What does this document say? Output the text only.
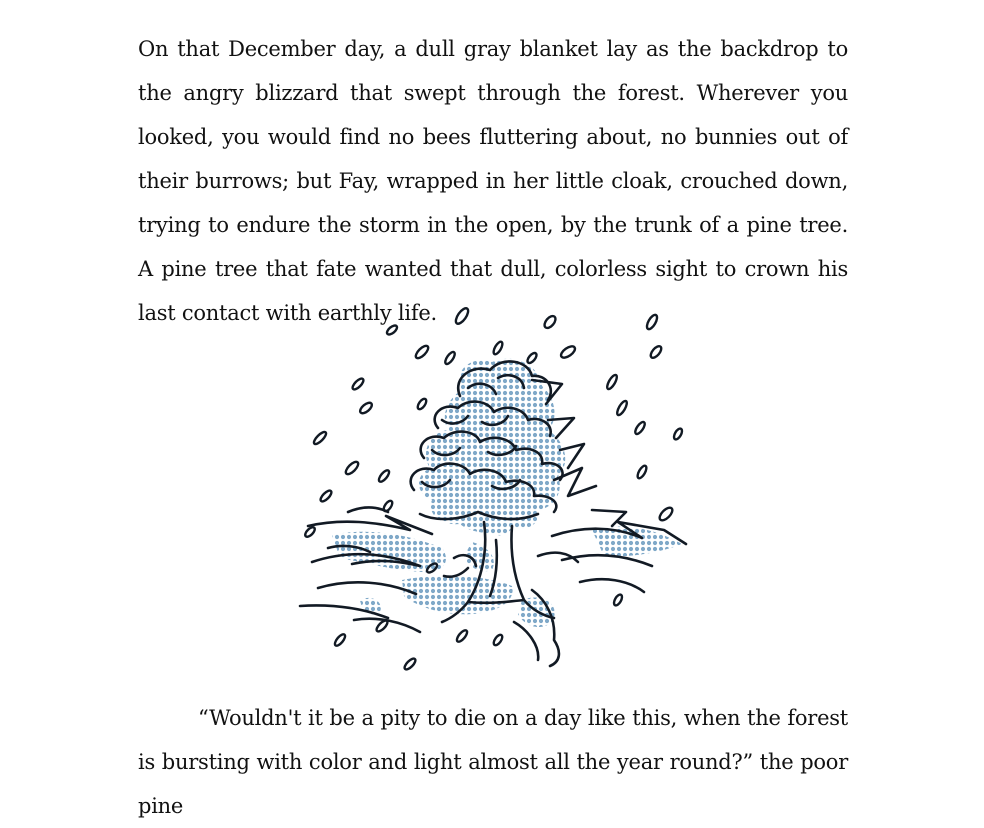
On that December day, a dull gray blanket lay as the backdrop to the angry blizzard that swept through the forest. Wherever you looked, you would find no bees fluttering about, no bunnies out of their burrows; but Fay, wrapped in her little cloak, crouched down, trying to endure the storm in the open, by the trunk of a pine tree. A pine tree that fate wanted that dull, colorless sight to crown his last contact with earthly life.

“Wouldn't it be a pity to die on a day like this, when the forest is bursting with color and light almost all the year round?” the poor pine
